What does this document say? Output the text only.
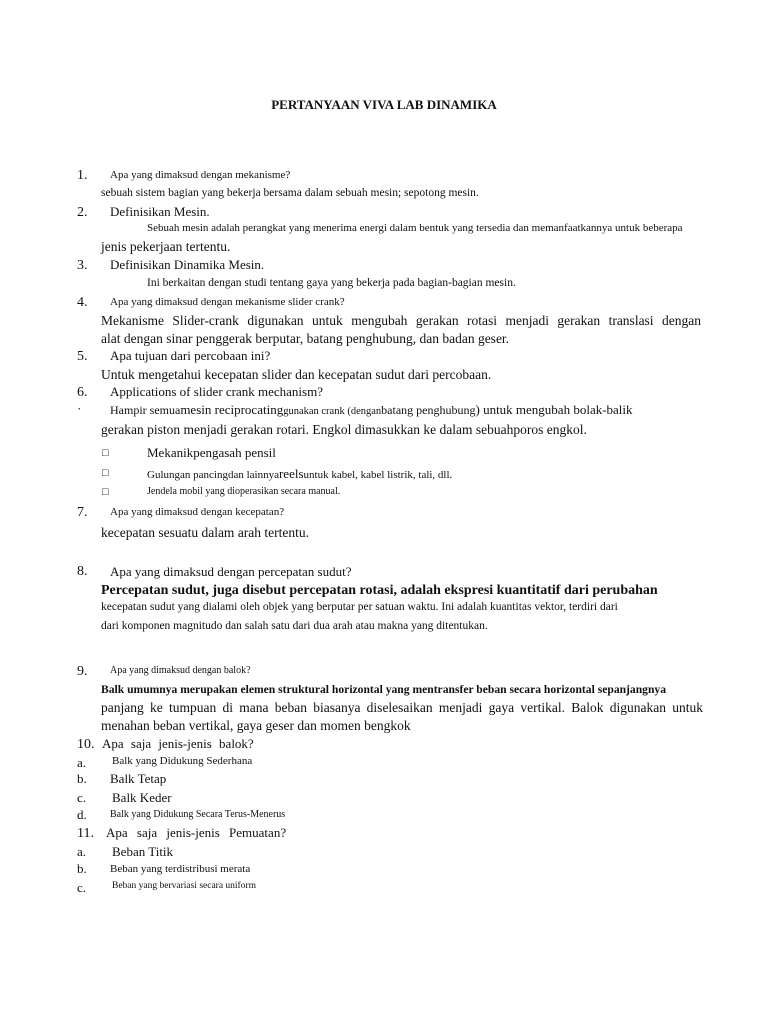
PERTANYAAN VIVA LAB DINAMIKA
1. Apa yang dimaksud dengan mekanisme?
sebuah sistem bagian yang bekerja bersama dalam sebuah mesin; sepotong mesin.
2. Definisikan Mesin.
Sebuah mesin adalah perangkat yang menerima energi dalam bentuk yang tersedia dan memanfaatkannya untuk beberapa
jenis pekerjaan tertentu.
3. Definisikan Dinamika Mesin.
Ini berkaitan dengan studi tentang gaya yang bekerja pada bagian-bagian mesin.
4. Apa yang dimaksud dengan mekanisme slider crank?
Mekanisme Slider-crank digunakan untuk mengubah gerakan rotasi menjadi gerakan translasi dengan
alat dengan sinar penggerak berputar, batang penghubung, dan badan geser.
5. Apa tujuan dari percobaan ini?
Untuk mengetahui kecepatan slider dan kecepatan sudut dari percobaan.
6. Applications of slider crank mechanism?
· Hampir semuamesin reciprocatinggunakan crank (denganbatang penghubung) untuk mengubah bolak-balik
gerakan piston menjadi gerakan rotari. Engkol dimasukkan ke dalam sebuahporos engkol.
□	Mekanikpengasah pensil
□	Gulungan pancingdan lainnyareelsuntuk kabel, kabel listrik, tali, dll.
□	Jendela mobil yang dioperasikan secara manual.
7. Apa yang dimaksud dengan kecepatan?
kecepatan sesuatu dalam arah tertentu.
8. Apa yang dimaksud dengan percepatan sudut?
Percepatan sudut, juga disebut percepatan rotasi, adalah ekspresi kuantitatif dari perubahan
kecepatan sudut yang dialami oleh objek yang berputar per satuan waktu. Ini adalah kuantitas vektor, terdiri dari
dari komponen magnitudo dan salah satu dari dua arah atau makna yang ditentukan.
9. Apa yang dimaksud dengan balok?
Balk umumnya merupakan elemen struktural horizontal yang mentransfer beban secara horizontal sepanjangnya
panjang ke tumpuan di mana beban biasanya diselesaikan menjadi gaya vertikal. Balok digunakan untuk
menahan beban vertikal, gaya geser dan momen bengkok
10. Apa saja jenis-jenis balok?
a. Balk yang Didukung Sederhana
b. Balk Tetap
c. Balk Keder
d. Balk yang Didukung Secara Terus-Menerus
11. Apa saja jenis-jenis Pemuatan?
a. Beban Titik
b. Beban yang terdistribusi merata
c.	Beban yang bervariasi secara uniform
